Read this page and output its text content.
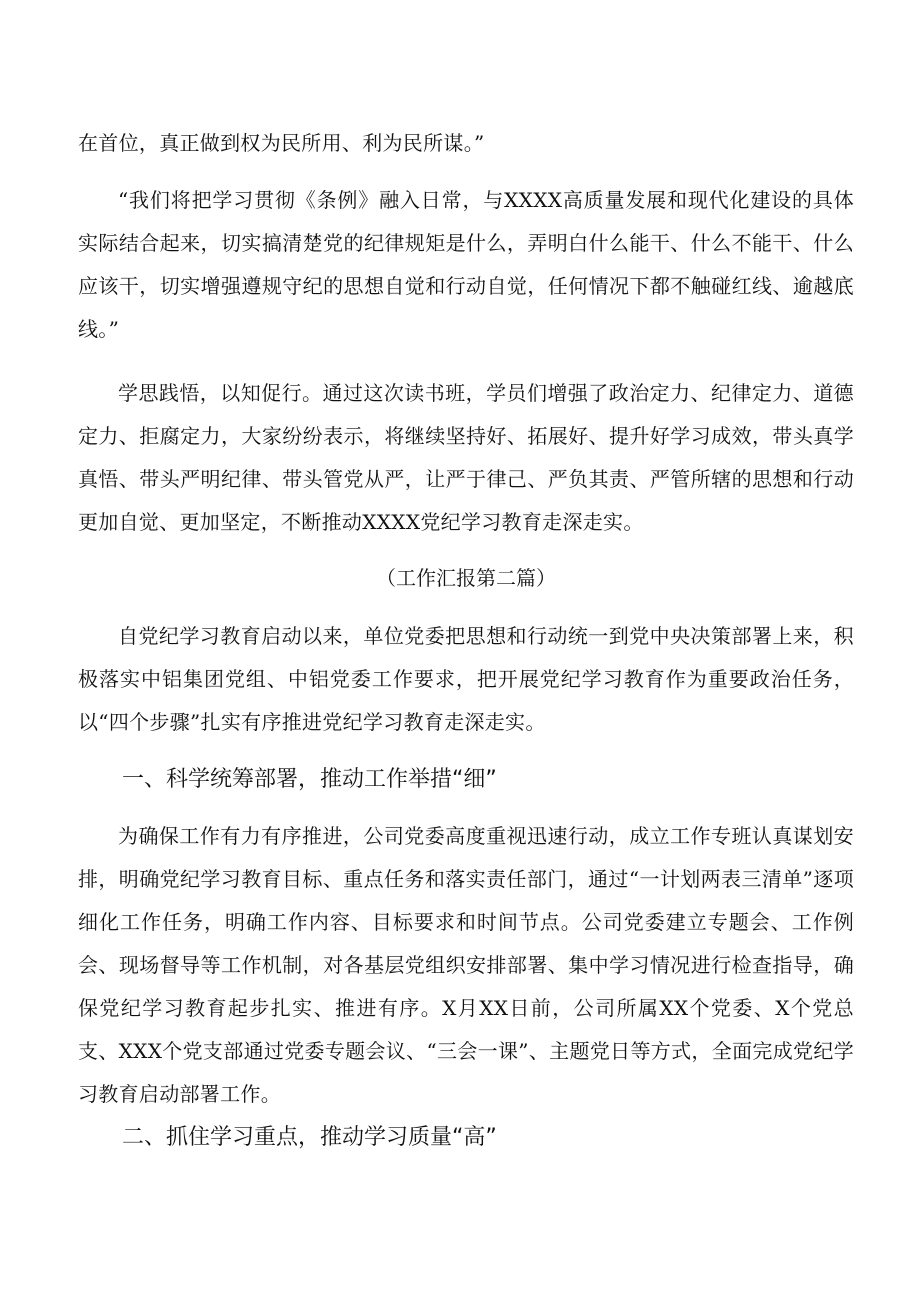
在首位，真正做到权为民所用、利为民所谋。”

“我们将把学习贯彻《条例》融入日常，与XXXX高质量发展和现代化建设的具体实际结合起来，切实搞清楚党的纪律规矩是什么，弄明白什么能干、什么不能干、什么应该干，切实增强遵规守纪的思想自觉和行动自觉，任何情况下都不触碰红线、逾越底线。”

学思践悟，以知促行。通过这次读书班，学员们增强了政治定力、纪律定力、道德定力、拒腐定力，大家纷纷表示，将继续坚持好、拓展好、提升好学习成效，带头真学真悟、带头严明纪律、带头管党从严，让严于律己、严负其责、严管所辖的思想和行动更加自觉、更加坚定，不断推动XXXX党纪学习教育走深走实。

（工作汇报第二篇）

自党纪学习教育启动以来，单位党委把思想和行动统一到党中央决策部署上来，积极落实中铝集团党组、中铝党委工作要求，把开展党纪学习教育作为重要政治任务，以“四个步骤”扎实有序推进党纪学习教育走深走实。

一、科学统筹部署，推动工作举措“细”

为确保工作有力有序推进，公司党委高度重视迅速行动，成立工作专班认真谋划安排，明确党纪学习教育目标、重点任务和落实责任部门，通过“一计划两表三清单”逐项细化工作任务，明确工作内容、目标要求和时间节点。公司党委建立专题会、工作例会、现场督导等工作机制，对各基层党组织安排部署、集中学习情况进行检查指导，确保党纪学习教育起步扎实、推进有序。X月XX日前，公司所属XX个党委、X个党总支、XXX个党支部通过党委专题会议、“三会一课”、主题党日等方式，全面完成党纪学习教育启动部署工作。

二、抓住学习重点，推动学习质量“高”
